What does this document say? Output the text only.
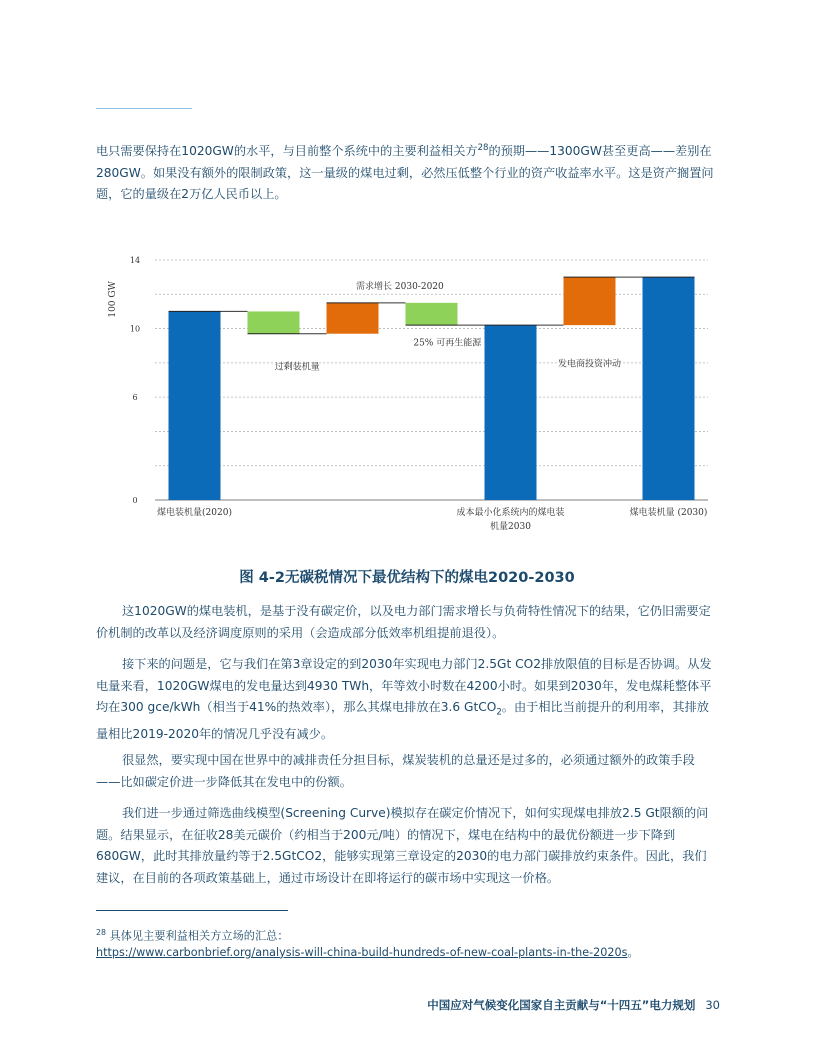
电只需要保持在1020GW的水平，与目前整个系统中的主要利益相关方$^{28}$的预期——1300GW甚至更高——差别在280GW。如果没有额外的限制政策，这一量级的煤电过剩，必然压低整个行业的资产收益率水平。这是资产搁置问题，它的量级在2万亿人民币以上。

0
6
10
14
100 GW
煤电装机量(2020)	成本最小化系统内的煤电装
机量2030
煤电装机量 (2030)
需求增长 2030-2020
过剩装机量
25% 可再生能源
发电商投资冲动

图 4-2无碳税情况下最优结构下的煤电2020-2030

这1020GW的煤电装机，是基于没有碳定价，以及电力部门需求增长与负荷特性情况下的结果，它仍旧需要定价机制的改革以及经济调度原则的采用（会造成部分低效率机组提前退役）。

接下来的问题是，它与我们在第3章设定的到2030年实现电力部门2.5Gt CO2排放限值的目标是否协调。从发电量来看，1020GW煤电的发电量达到4930 TWh，年等效小时数在4200小时。如果到2030年，发电煤耗整体平均在300 gce/kWh（相当于41%的热效率），那么其煤电排放在3.6 GtCO$_2$。由于相比当前提升的利用率，其排放量相比2019-2020年的情况几乎没有减少。

很显然，要实现中国在世界中的减排责任分担目标，煤炭装机的总量还是过多的，必须通过额外的政策手段——比如碳定价进一步降低其在发电中的份额。

我们进一步通过筛选曲线模型(Screening Curve)模拟存在碳定价情况下，如何实现煤电排放2.5 Gt限额的问题。结果显示，在征收28美元碳价（约相当于200元/吨）的情况下，煤电在结构中的最优份额进一步下降到680GW，此时其排放量约等于2.5GtCO2，能够实现第三章设定的2030的电力部门碳排放约束条件。因此，我们建议，在目前的各项政策基础上，通过市场设计在即将运行的碳市场中实现这一价格。

$^{28}$ 具体见主要利益相关方立场的汇总：
https://www.carbonbrief.org/analysis-will-china-build-hundreds-of-new-coal-plants-in-the-2020s。

中国应对气候变化国家自主贡献与“十四五”电力规划 30
